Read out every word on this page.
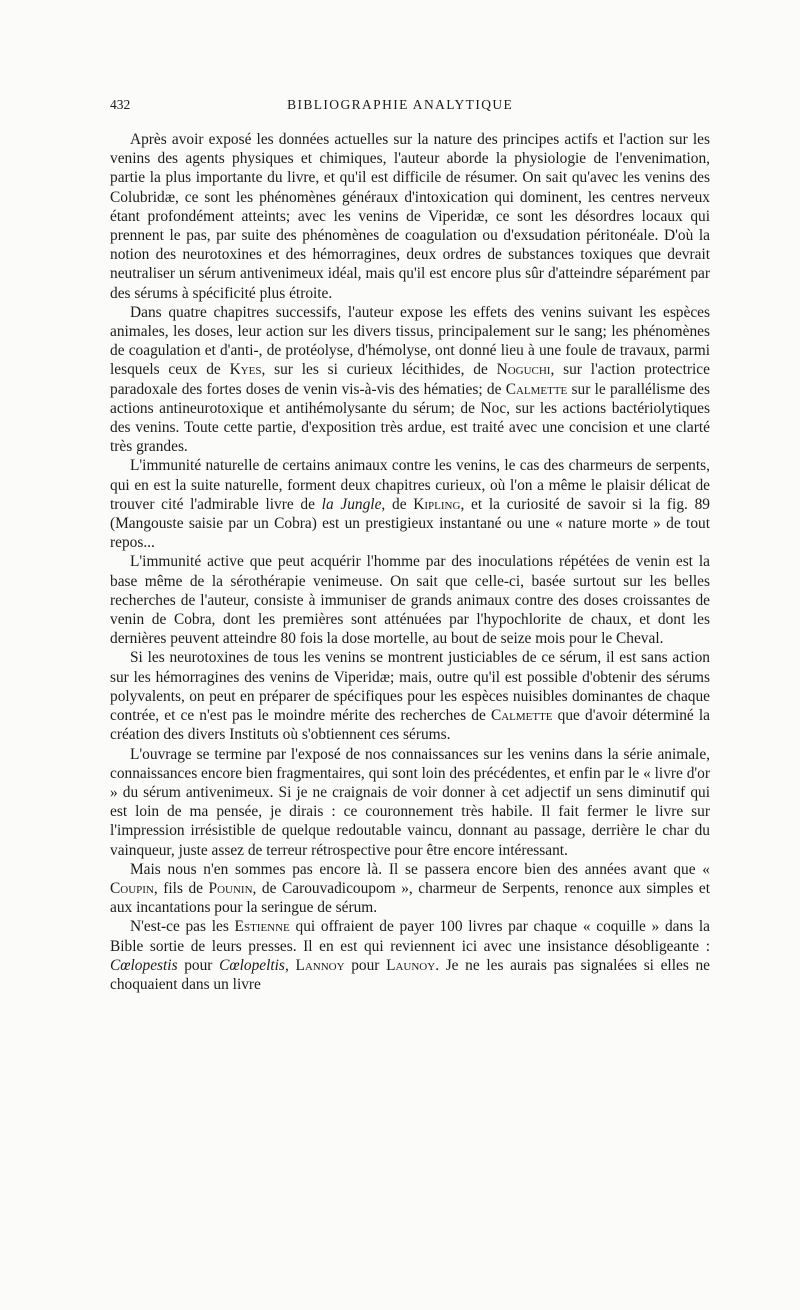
432	BIBLIOGRAPHIE ANALYTIQUE

Après avoir exposé les données actuelles sur la nature des principes actifs et l'action sur les venins des agents physiques et chimiques, l'auteur aborde la physiologie de l'envenimation, partie la plus importante du livre, et qu'il est difficile de résumer. On sait qu'avec les venins des Colubridæ, ce sont les phénomènes généraux d'intoxication qui dominent, les centres nerveux étant profondément atteints; avec les venins de Viperidæ, ce sont les désordres locaux qui prennent le pas, par suite des phénomènes de coagulation ou d'exsudation péritonéale. D'où la notion des neurotoxines et des hémorragines, deux ordres de substances toxiques que devrait neutraliser un sérum antivenimeux idéal, mais qu'il est encore plus sûr d'atteindre séparément par des sérums à spécificité plus étroite.

Dans quatre chapitres successifs, l'auteur expose les effets des venins suivant les espèces animales, les doses, leur action sur les divers tissus, principalement sur le sang; les phénomènes de coagulation et d'anti-, de protéolyse, d'hémolyse, ont donné lieu à une foule de travaux, parmi lesquels ceux de Kyes, sur les si curieux lécithides, de Noguchi, sur l'action protectrice paradoxale des fortes doses de venin vis-à-vis des hématies; de Calmette sur le parallélisme des actions antineurotoxique et antihémolysante du sérum; de Noc, sur les actions bactériolytiques des venins. Toute cette partie, d'exposition très ardue, est traité avec une concision et une clarté très grandes.

L'immunité naturelle de certains animaux contre les venins, le cas des charmeurs de serpents, qui en est la suite naturelle, forment deux chapitres curieux, où l'on a même le plaisir délicat de trouver cité l'admirable livre de la Jungle, de Kipling, et la curiosité de savoir si la fig. 89 (Mangouste saisie par un Cobra) est un prestigieux instantané ou une « nature morte » de tout repos...

L'immunité active que peut acquérir l'homme par des inoculations répétées de venin est la base même de la sérothérapie venimeuse. On sait que celle-ci, basée surtout sur les belles recherches de l'auteur, consiste à immuniser de grands animaux contre des doses croissantes de venin de Cobra, dont les premières sont atténuées par l'hypochlorite de chaux, et dont les dernières peuvent atteindre 80 fois la dose mortelle, au bout de seize mois pour le Cheval.

Si les neurotoxines de tous les venins se montrent justiciables de ce sérum, il est sans action sur les hémorragines des venins de Viperidæ; mais, outre qu'il est possible d'obtenir des sérums polyvalents, on peut en préparer de spécifiques pour les espèces nuisibles dominantes de chaque contrée, et ce n'est pas le moindre mérite des recherches de Calmette que d'avoir déterminé la création des divers Instituts où s'obtiennent ces sérums.

L'ouvrage se termine par l'exposé de nos connaissances sur les venins dans la série animale, connaissances encore bien fragmentaires, qui sont loin des précédentes, et enfin par le « livre d'or » du sérum antivenimeux. Si je ne craignais de voir donner à cet adjectif un sens diminutif qui est loin de ma pensée, je dirais : ce couronnement très habile. Il fait fermer le livre sur l'impression irrésistible de quelque redoutable vaincu, donnant au passage, derrière le char du vainqueur, juste assez de terreur rétrospective pour être encore intéressant.

Mais nous n'en sommes pas encore là. Il se passera encore bien des années avant que « Coupin, fils de Pounin, de Carouvadicoupom », charmeur de Serpents, renonce aux simples et aux incantations pour la seringue de sérum.

N'est-ce pas les Estienne qui offraient de payer 100 livres par chaque « coquille » dans la Bible sortie de leurs presses. Il en est qui reviennent ici avec une insistance désobligeante : Cœlopestis pour Cœlopeltis, Lannoy pour Launoy. Je ne les aurais pas signalées si elles ne choquaient dans un livre
